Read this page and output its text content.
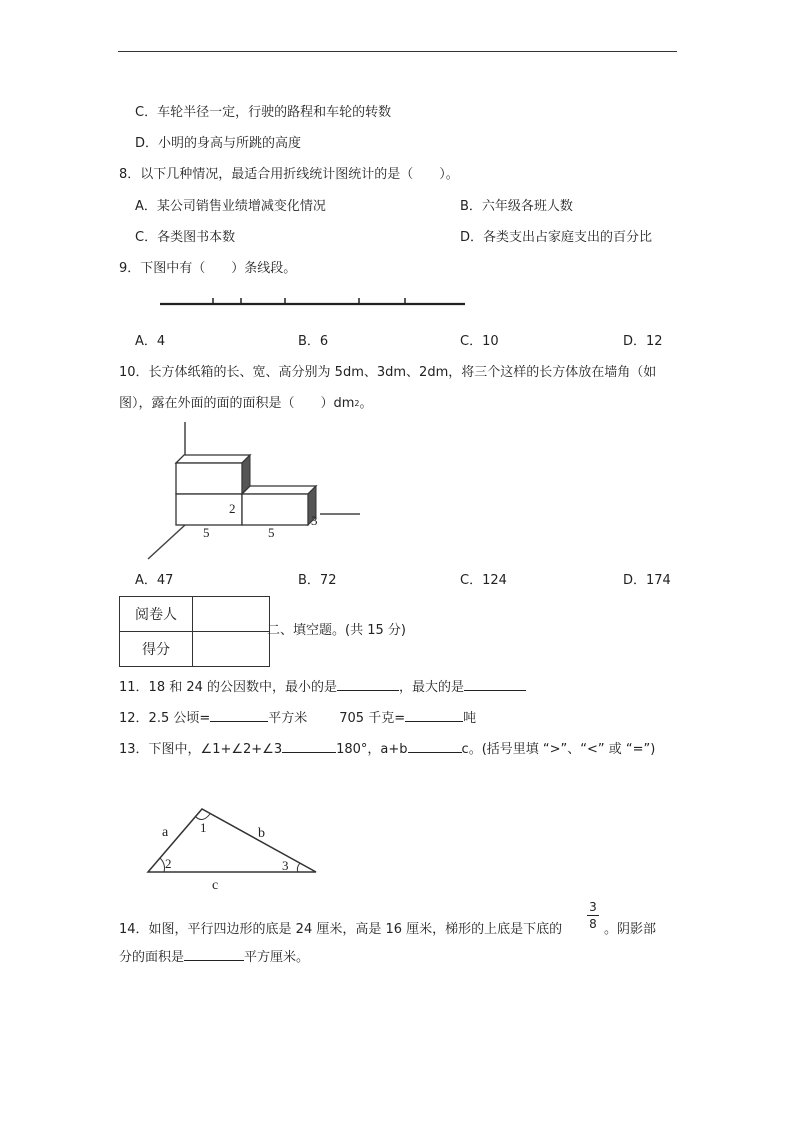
C．车轮半径一定，行驶的路程和车轮的转数
D．小明的身高与所跳的高度
8．以下几种情况，最适合用折线统计图统计的是（　　）。
A．某公司销售业绩增减变化情况	B．六年级各班人数
C．各类图书本数	D．各类支出占家庭支出的百分比
9．下图中有（　　）条线段。
A．4	B．6	C．10	D．12
10．长方体纸箱的长、宽、高分别为 5dm、3dm、2dm，将三个这样的长方体放在墙角（如
图），露在外面的面的面积是（　　）$dm^2$。
2
3
5	5
A．47	B．72	C．124	D．174
阅卷人	
得分	
二、填空题。(共 15 分)
11．18 和 24 的公因数中，最小的是	，最大的是
12．2.5 公顷=	平方米 705 千克=	吨
13．下图中，∠1+∠2+∠3	180°，a+b	c。(括号里填 “>”、“<” 或 “=”)
a	b
c
1
2	3
14．如图，平行四边形的底是 24 厘米，高是 16 厘米，梯形的上底是下底的
3
8 。阴影部
分的面积是	平方厘米。
